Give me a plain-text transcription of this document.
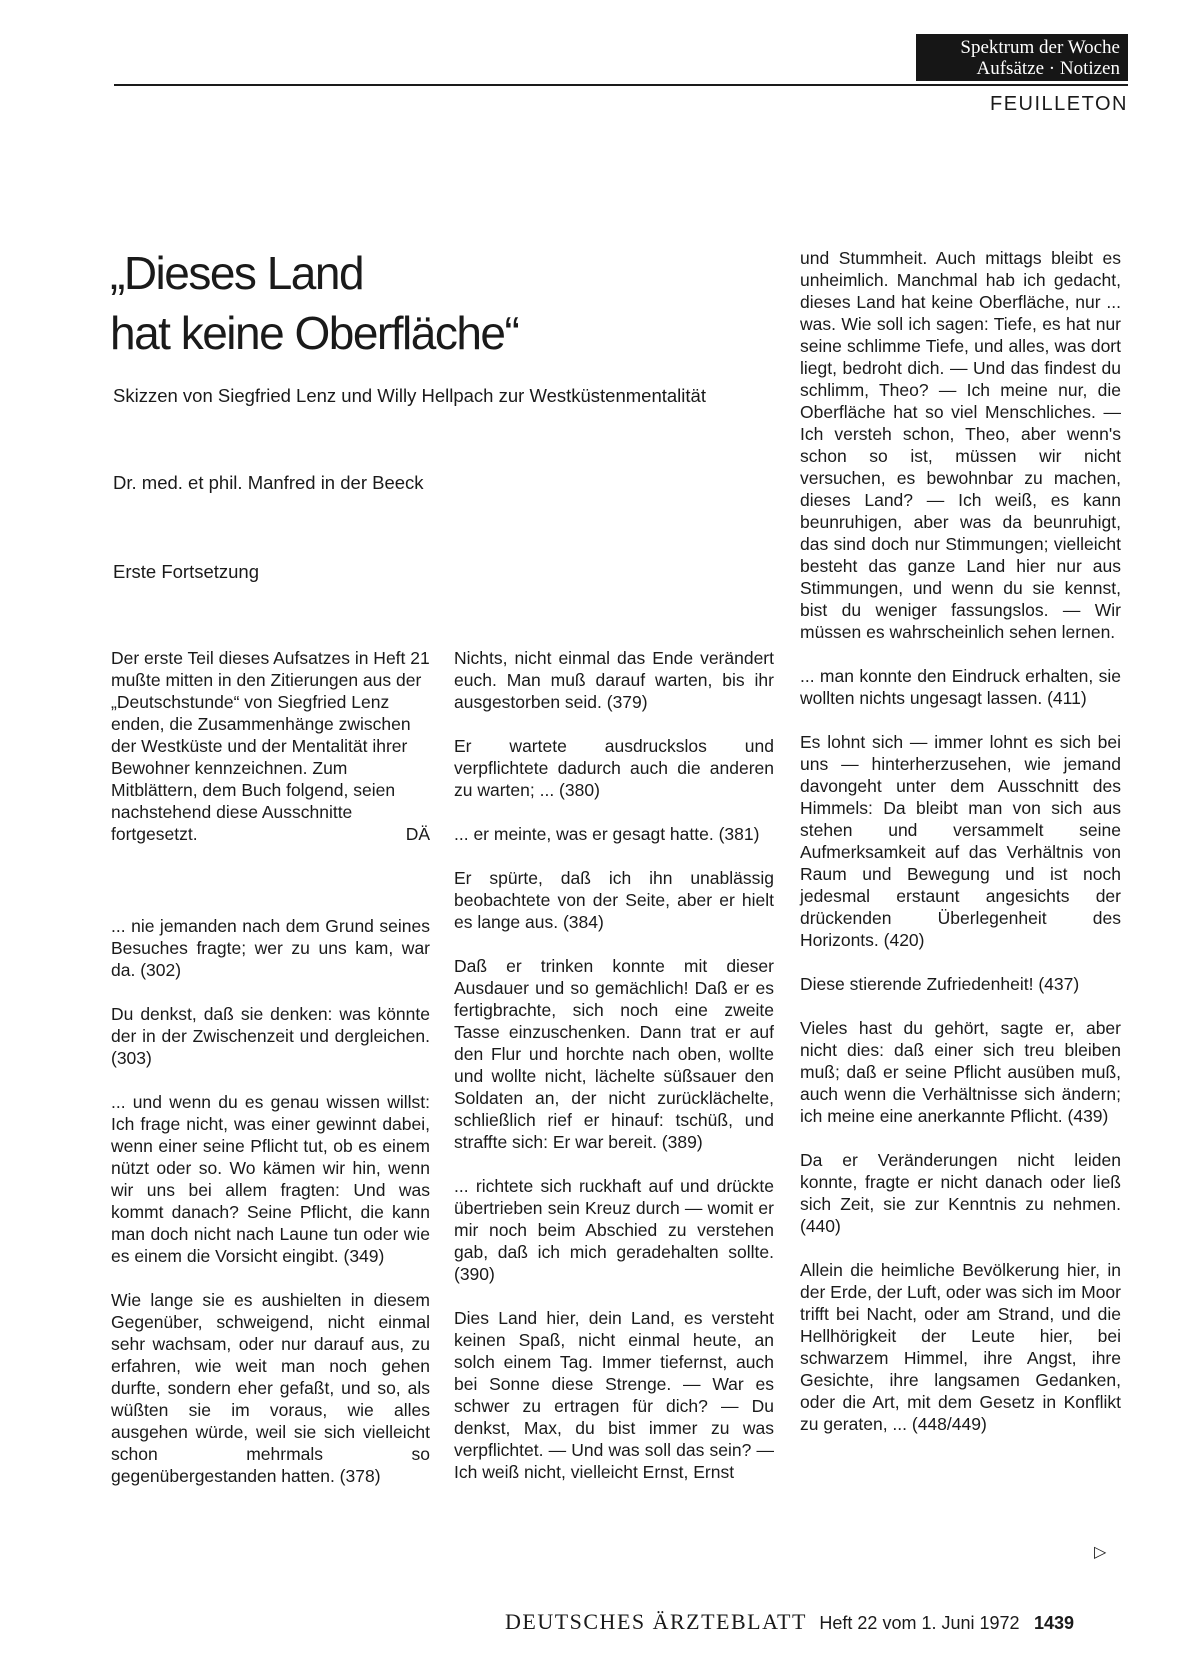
Spektrum der Woche
Aufsätze · Notizen
FEUILLETON
„Dieses Land
hat keine Oberfläche“
Skizzen von Siegfried Lenz und Willy Hellpach zur Westküstenmentalität
Dr. med. et phil. Manfred in der Beeck
Erste Fortsetzung

Der erste Teil dieses Aufsatzes in Heft 21 mußte mitten in den Zitierungen aus der „Deutschstunde“ von Siegfried Lenz enden, die Zusammenhänge zwischen der Westküste und der Mentalität ihrer Bewohner kennzeichnen. Zum Mitblättern, dem Buch folgend, seien nachstehend diese Ausschnitte fortgesetzt.	DÄ

... nie jemanden nach dem Grund seines Besuches fragte; wer zu uns kam, war da. (302)

Du denkst, daß sie denken: was könnte der in der Zwischenzeit und dergleichen. (303)

... und wenn du es genau wissen willst: Ich frage nicht, was einer gewinnt dabei, wenn einer seine Pflicht tut, ob es einem nützt oder so. Wo kämen wir hin, wenn wir uns bei allem fragten: Und was kommt danach? Seine Pflicht, die kann man doch nicht nach Laune tun oder wie es einem die Vorsicht eingibt. (349)

Wie lange sie es aushielten in diesem Gegenüber, schweigend, nicht einmal sehr wachsam, oder nur darauf aus, zu erfahren, wie weit man noch gehen durfte, sondern eher gefaßt, und so, als wüßten sie im voraus, wie alles ausgehen würde, weil sie sich vielleicht schon mehrmals so gegenübergestanden hatten. (378)

Nichts, nicht einmal das Ende verändert euch. Man muß darauf warten, bis ihr ausgestorben seid. (379)

Er wartete ausdruckslos und verpflichtete dadurch auch die anderen zu warten; ... (380)

... er meinte, was er gesagt hatte. (381)

Er spürte, daß ich ihn unablässig beobachtete von der Seite, aber er hielt es lange aus. (384)

Daß er trinken konnte mit dieser Ausdauer und so gemächlich! Daß er es fertigbrachte, sich noch eine zweite Tasse einzuschenken. Dann trat er auf den Flur und horchte nach oben, wollte und wollte nicht, lächelte süßsauer den Soldaten an, der nicht zurücklächelte, schließlich rief er hinauf: tschüß, und straffte sich: Er war bereit. (389)

... richtete sich ruckhaft auf und drückte übertrieben sein Kreuz durch — womit er mir noch beim Abschied zu verstehen gab, daß ich mich geradehalten sollte. (390)

Dies Land hier, dein Land, es versteht keinen Spaß, nicht einmal heute, an solch einem Tag. Immer tiefernst, auch bei Sonne diese Strenge. — War es schwer zu ertragen für dich? — Du denkst, Max, du bist immer zu was verpflichtet. — Und was soll das sein? — Ich weiß nicht, vielleicht Ernst, Ernst

und Stummheit. Auch mittags bleibt es unheimlich. Manchmal hab ich gedacht, dieses Land hat keine Oberfläche, nur ... was. Wie soll ich sagen: Tiefe, es hat nur seine schlimme Tiefe, und alles, was dort liegt, bedroht dich. — Und das findest du schlimm, Theo? — Ich meine nur, die Oberfläche hat so viel Menschliches. — Ich versteh schon, Theo, aber wenn's schon so ist, müssen wir nicht versuchen, es bewohnbar zu machen, dieses Land? — Ich weiß, es kann beunruhigen, aber was da beunruhigt, das sind doch nur Stimmungen; vielleicht besteht das ganze Land hier nur aus Stimmungen, und wenn du sie kennst, bist du weniger fassungslos. — Wir müssen es wahrscheinlich sehen lernen.

... man konnte den Eindruck erhalten, sie wollten nichts ungesagt lassen. (411)

Es lohnt sich — immer lohnt es sich bei uns — hinterherzusehen, wie jemand davongeht unter dem Ausschnitt des Himmels: Da bleibt man von sich aus stehen und versammelt seine Aufmerksamkeit auf das Verhältnis von Raum und Bewegung und ist noch jedesmal erstaunt angesichts der drückenden Überlegenheit des Horizonts. (420)

Diese stierende Zufriedenheit! (437)

Vieles hast du gehört, sagte er, aber nicht dies: daß einer sich treu bleiben muß; daß er seine Pflicht ausüben muß, auch wenn die Verhältnisse sich ändern; ich meine eine anerkannte Pflicht. (439)

Da er Veränderungen nicht leiden konnte, fragte er nicht danach oder ließ sich Zeit, sie zur Kenntnis zu nehmen. (440)

Allein die heimliche Bevölkerung hier, in der Erde, der Luft, oder was sich im Moor trifft bei Nacht, oder am Strand, und die Hellhörigkeit der Leute hier, bei schwarzem Himmel, ihre Angst, ihre Gesichte, ihre langsamen Gedanken, oder die Art, mit dem Gesetz in Konflikt zu geraten, ... (448/449)

▷
DEUTSCHES ÄRZTEBLATT Heft 22 vom 1. Juni 1972 1439
